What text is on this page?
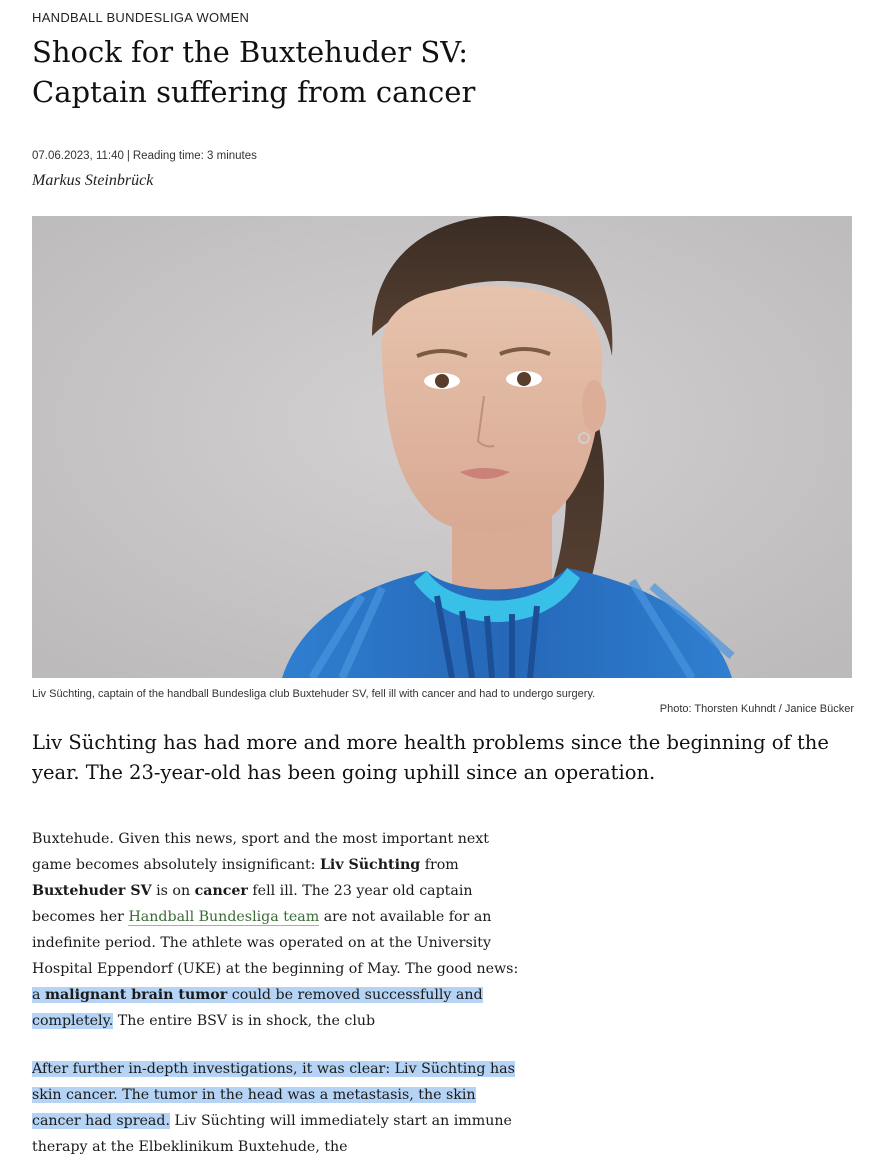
HANDBALL BUNDESLIGA WOMEN
Shock for the Buxtehuder SV: Captain suffering from cancer
07.06.2023, 11:40 | Reading time: 3 minutes
Markus Steinbrück
Liv Süchting, captain of the handball Bundesliga club Buxtehuder SV, fell ill with cancer and had to undergo surgery.
Photo: Thorsten Kuhndt / Janice Bücker

Liv Süchting has had more and more health problems since the beginning of the year. The 23-year-old has been going uphill since an operation.

Buxtehude. Given this news, sport and the most important next game becomes absolutely insignificant: Liv Süchting from Buxtehuder SV is on cancer fell ill. The 23 year old captain becomes her Handball Bundesliga team are not available for an indefinite period. The athlete was operated on at the University Hospital Eppendorf (UKE) at the beginning of May. The good news: a malignant brain tumor could be removed successfully and completely. The entire BSV is in shock, the club

After further in-depth investigations, it was clear: Liv Süchting has skin cancer. The tumor in the head was a metastasis, the skin cancer had spread. Liv Süchting will immediately start an immune therapy at the Elbeklinikum Buxtehude, the
